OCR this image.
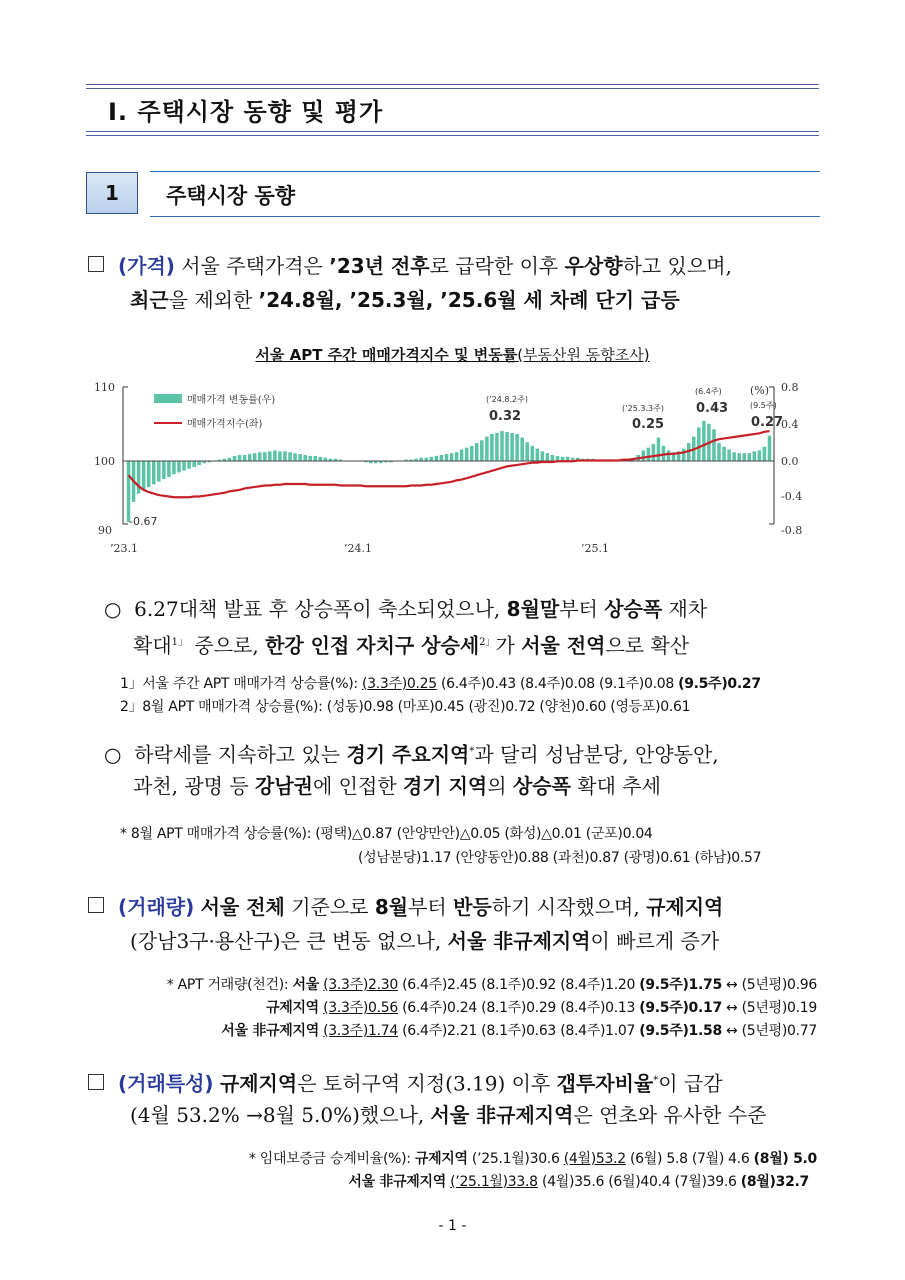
Ⅰ. 주택시장 동향 및 평가
1	주택시장 동향
(가격) 서울 주택가격은 ’23년 전후로 급락한 이후 우상향하고 있으며,
최근을 제외한 ’24.8월, ’25.3월, ’25.6월 세 차례 단기 급등
서울 APT 주간 매매가격지수 및 변동률(부동산원 동향조사)
110
100
90
0.8
0.4
0.0
-0.4
-0.8
(%)
’23.1	’24.1	’25.1
매매가격 변동률(우)
매매가격지수(좌)
-0.67
(’24.8.2주)
0.32
(’25.3.3주)
0.25
(6.4주)
0.43	(9.5주)
0.27
○  6.27대책 발표 후 상승폭이 축소되었으나, 8월말부터 상승폭 재차
확대$^{1」}$ 중으로, 한강 인접 자치구 상승세$^{2」}$가 서울 전역으로 확산
1」서울 주간 APT 매매가격 상승률(%): (3.3주)0.25 (6.4주)0.43 (8.4주)0.08 (9.1주)0.08 (9.5주)0.27
2」8월 APT 매매가격 상승률(%): (성동)0.98 (마포)0.45 (광진)0.72 (양천)0.60 (영등포)0.61
○  하락세를 지속하고 있는 경기 주요지역*과 달리 성남분당, 안양동안,
과천, 광명 등 강남권에 인접한 경기 지역의 상승폭 확대 추세
* 8월 APT 매매가격 상승률(%): (평택)△0.87 (안양만안)△0.05 (화성)△0.01 (군포)0.04
(성남분당)1.17 (안양동안)0.88 (과천)0.87 (광명)0.61 (하남)0.57
(거래량) 서울 전체 기준으로 8월부터 반등하기 시작했으며, 규제지역
(강남3구·용산구)은 큰 변동 없으나, 서울 非규제지역이 빠르게 증가
* APT 거래량(천건): 서울 (3.3주)2.30 (6.4주)2.45 (8.1주)0.92 (8.4주)1.20 (9.5주)1.75 ↔ (5년평)0.96
규제지역 (3.3주)0.56 (6.4주)0.24 (8.1주)0.29 (8.4주)0.13 (9.5주)0.17 ↔ (5년평)0.19
서울 非규제지역 (3.3주)1.74 (6.4주)2.21 (8.1주)0.63 (8.4주)1.07 (9.5주)1.58 ↔ (5년평)0.77
(거래특성) 규제지역은 토허구역 지정(3.19) 이후 갭투자비율*이 급감
(4월 53.2% →8월 5.0%)했으나, 서울 非규제지역은 연초와 유사한 수준
* 임대보증금 승계비율(%): 규제지역 (’25.1월)30.6 (4월)53.2 (6월) 5.8 (7월) 4.6 (8월) 5.0
서울 非규제지역 (’25.1월)33.8 (4월)35.6 (6월)40.4 (7월)39.6 (8월)32.7
- 1 -
